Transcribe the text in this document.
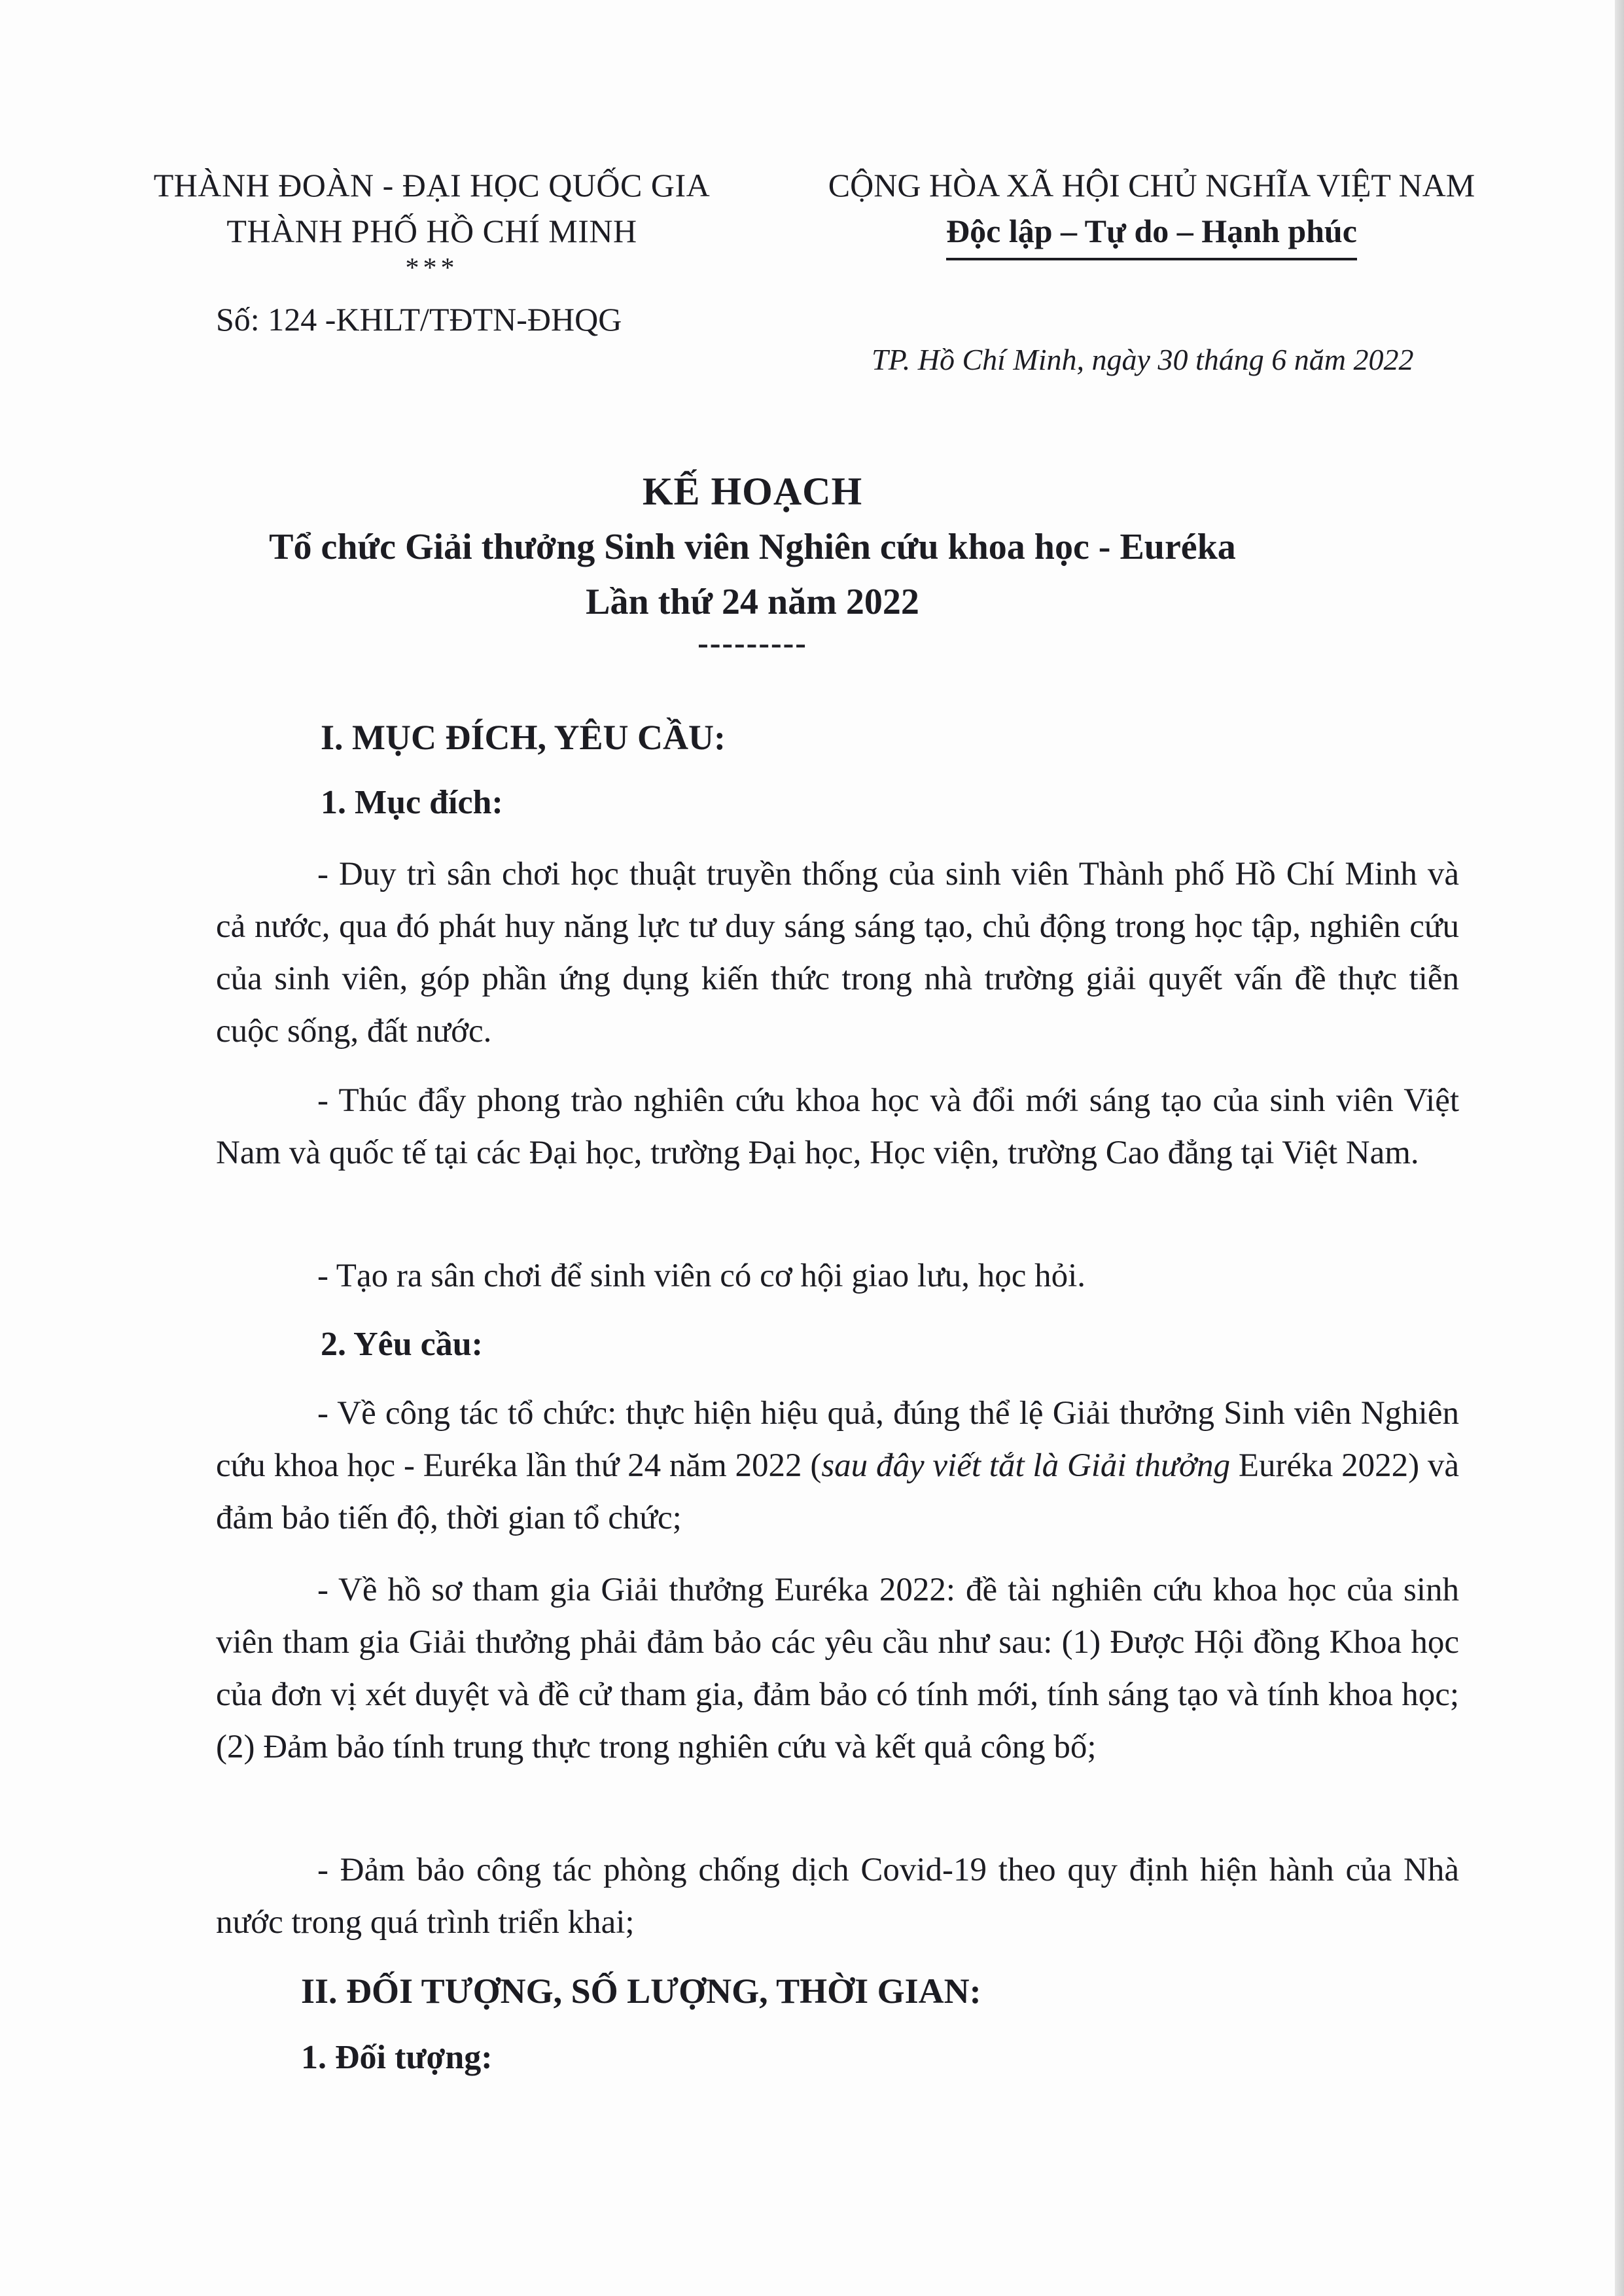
THÀNH ĐOÀN - ĐẠI HỌC QUỐC GIA
THÀNH PHỐ HỒ CHÍ MINH
***
Số: 124 -KHLT/TĐTN-ĐHQG
CỘNG HÒA XÃ HỘI CHỦ NGHĨA VIỆT NAM
Độc lập – Tự do – Hạnh phúc
TP. Hồ Chí Minh, ngày 30 tháng 6 năm 2022
KẾ HOẠCH
Tổ chức Giải thưởng Sinh viên Nghiên cứu khoa học - Euréka
Lần thứ 24 năm 2022
---------
I. MỤC ĐÍCH, YÊU CẦU:
1. Mục đích:
- Duy trì sân chơi học thuật truyền thống của sinh viên Thành phố Hồ Chí Minh và cả nước, qua đó phát huy năng lực tư duy sáng sáng tạo, chủ động trong học tập, nghiên cứu của sinh viên, góp phần ứng dụng kiến thức trong nhà trường giải quyết vấn đề thực tiễn cuộc sống, đất nước.
- Thúc đẩy phong trào nghiên cứu khoa học và đổi mới sáng tạo của sinh viên Việt Nam và quốc tế tại các Đại học, trường Đại học, Học viện, trường Cao đẳng tại Việt Nam.
- Tạo ra sân chơi để sinh viên có cơ hội giao lưu, học hỏi.
2. Yêu cầu:
- Về công tác tổ chức: thực hiện hiệu quả, đúng thể lệ Giải thưởng Sinh viên Nghiên cứu khoa học - Euréka lần thứ 24 năm 2022 (sau đây viết tắt là Giải thưởng Euréka 2022) và đảm bảo tiến độ, thời gian tổ chức;
- Về hồ sơ tham gia Giải thưởng Euréka 2022: đề tài nghiên cứu khoa học của sinh viên tham gia Giải thưởng phải đảm bảo các yêu cầu như sau: (1) Được Hội đồng Khoa học của đơn vị xét duyệt và đề cử tham gia, đảm bảo có tính mới, tính sáng tạo và tính khoa học; (2) Đảm bảo tính trung thực trong nghiên cứu và kết quả công bố;
- Đảm bảo công tác phòng chống dịch Covid-19 theo quy định hiện hành của Nhà nước trong quá trình triển khai;
II. ĐỐI TƯỢNG, SỐ LƯỢNG, THỜI GIAN:
1. Đối tượng:
